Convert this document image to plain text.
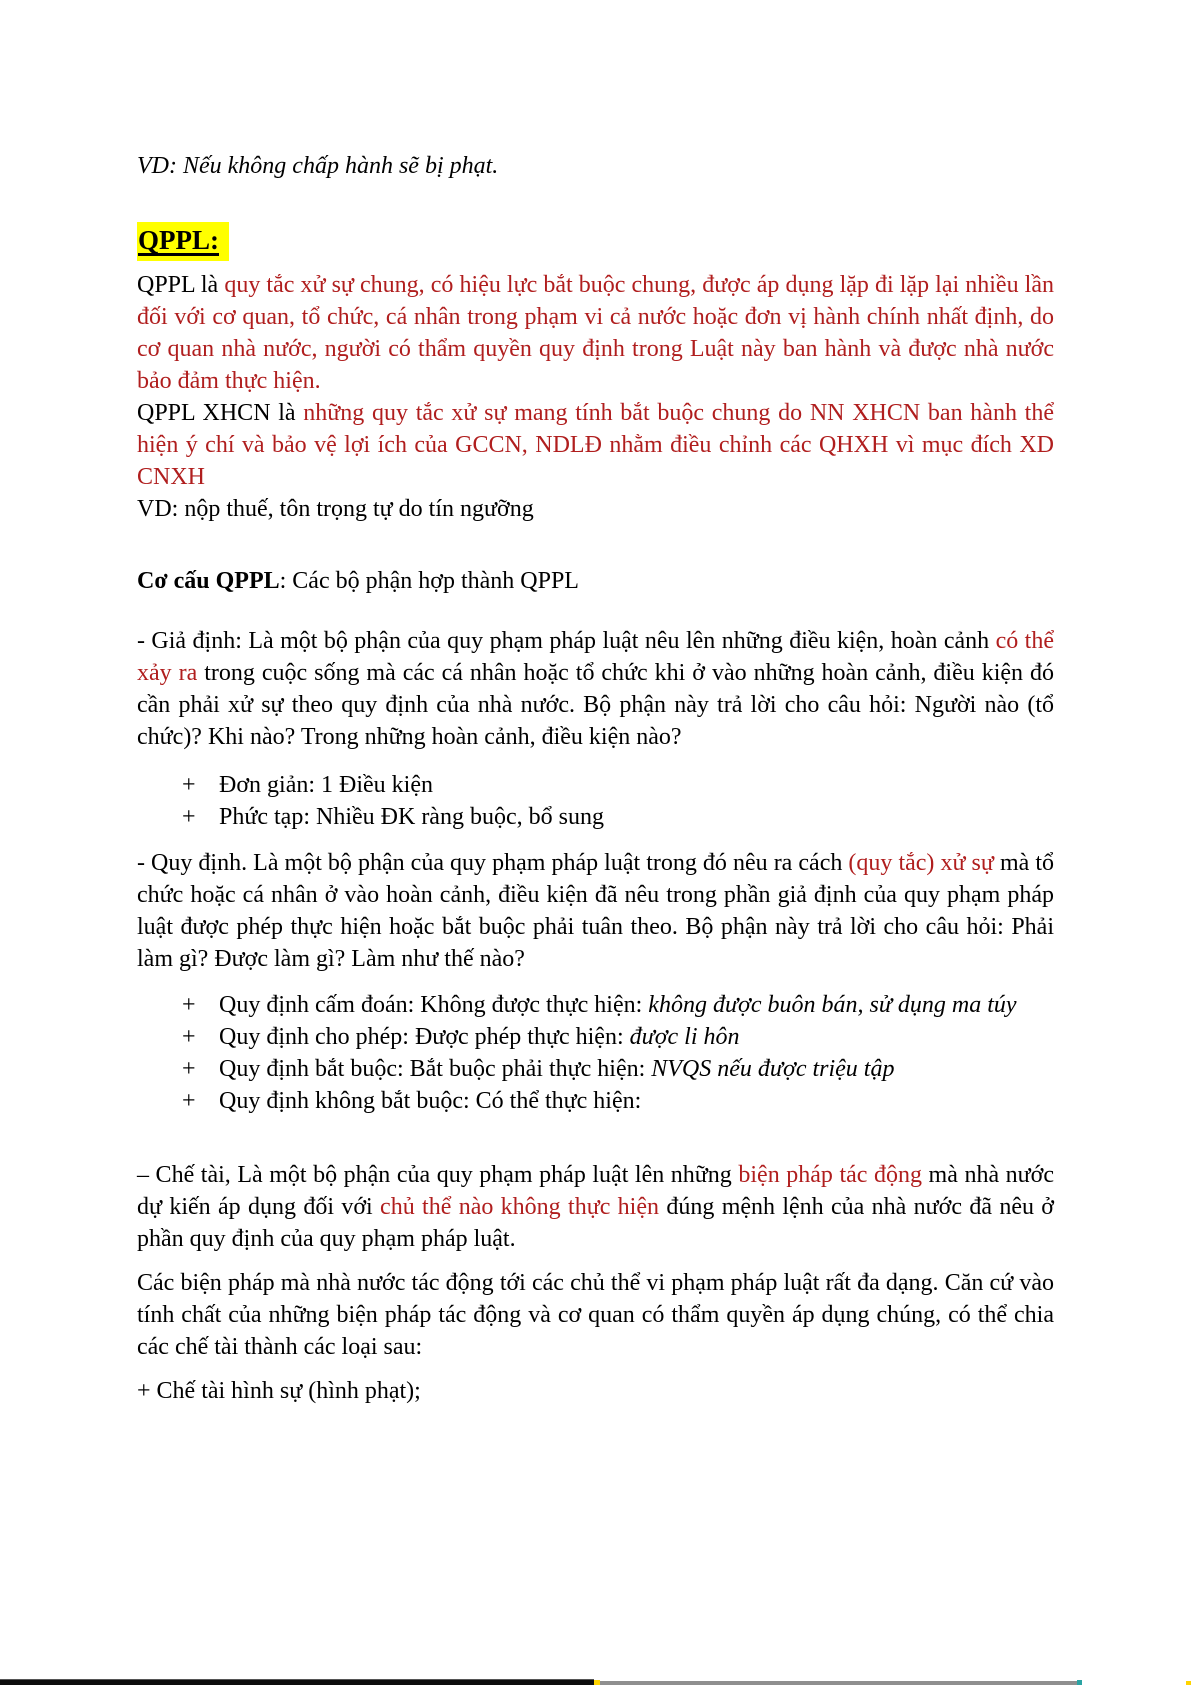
VD: Nếu không chấp hành sẽ bị phạt.

QPPL:

QPPL là quy tắc xử sự chung, có hiệu lực bắt buộc chung, được áp dụng lặp đi lặp lại nhiều lần đối với cơ quan, tổ chức, cá nhân trong phạm vi cả nước hoặc đơn vị hành chính nhất định, do cơ quan nhà nước, người có thẩm quyền quy định trong Luật này ban hành và được nhà nước bảo đảm thực hiện.

QPPL XHCN là những quy tắc xử sự mang tính bắt buộc chung do NN XHCN ban hành thể hiện ý chí và bảo vệ lợi ích của GCCN, NDLĐ nhằm điều chỉnh các QHXH vì mục đích XD CNXH

VD: nộp thuế, tôn trọng tự do tín ngưỡng

Cơ cấu QPPL: Các bộ phận hợp thành QPPL

- Giả định: Là một bộ phận của quy phạm pháp luật nêu lên những điều kiện, hoàn cảnh có thể xảy ra trong cuộc sống mà các cá nhân hoặc tổ chức khi ở vào những hoàn cảnh, điều kiện đó cần phải xử sự theo quy định của nhà nước. Bộ phận này trả lời cho câu hỏi: Người nào (tổ chức)? Khi nào? Trong những hoàn cảnh, điều kiện nào?

+ Đơn giản: 1 Điều kiện
+ Phức tạp: Nhiều ĐK ràng buộc, bổ sung

- Quy định. Là một bộ phận của quy phạm pháp luật trong đó nêu ra cách (quy tắc) xử sự mà tổ chức hoặc cá nhân ở vào hoàn cảnh, điều kiện đã nêu trong phần giả định của quy phạm pháp luật được phép thực hiện hoặc bắt buộc phải tuân theo. Bộ phận này trả lời cho câu hỏi: Phải làm gì? Được làm gì? Làm như thế nào?

+ Quy định cấm đoán: Không được thực hiện: không được buôn bán, sử dụng ma túy
+ Quy định cho phép: Được phép thực hiện: được li hôn
+ Quy định bắt buộc: Bắt buộc phải thực hiện: NVQS nếu được triệu tập
+ Quy định không bắt buộc: Có thể thực hiện:

– Chế tài, Là một bộ phận của quy phạm pháp luật lên những biện pháp tác động mà nhà nước dự kiến áp dụng đối với chủ thể nào không thực hiện đúng mệnh lệnh của nhà nước đã nêu ở phần quy định của quy phạm pháp luật.

Các biện pháp mà nhà nước tác động tới các chủ thể vi phạm pháp luật rất đa dạng. Căn cứ vào tính chất của những biện pháp tác động và cơ quan có thẩm quyền áp dụng chúng, có thể chia các chế tài thành các loại sau:

+ Chế tài hình sự (hình phạt);
